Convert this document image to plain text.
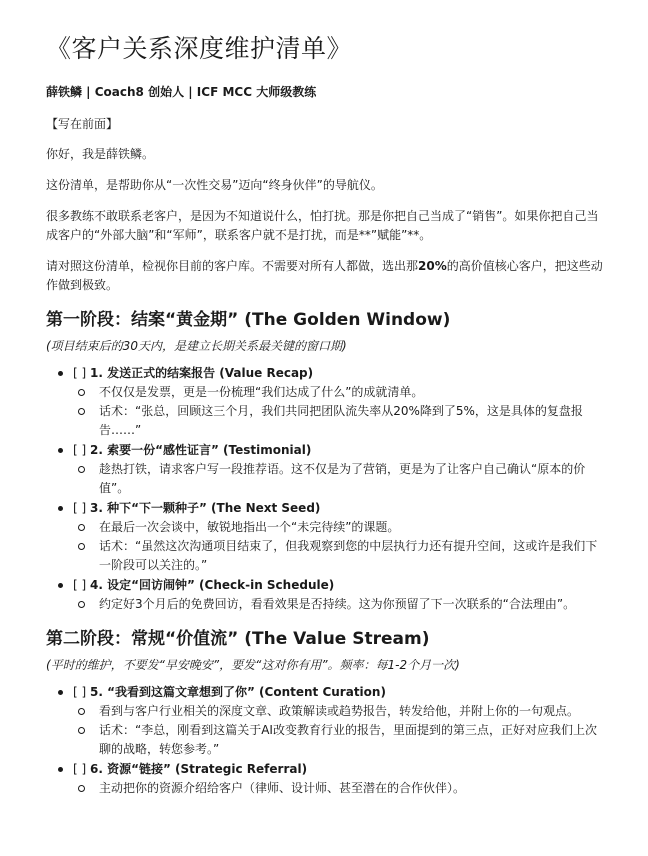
《客户关系深度维护清单》
薛铁鳞 | Coach8 创始人 | ICF MCC 大师级教练

【写在前面】

你好，我是薛铁鳞。

这份清单，是帮助你从“一次性交易”迈向“终身伙伴”的导航仪。

很多教练不敢联系老客户，是因为不知道说什么，怕打扰。那是你把自己当成了“销售”。如果你把自己当成客户的“外部大脑”和“军师”，联系客户就不是打扰，而是**”赋能”**。

请对照这份清单，检视你目前的客户库。不需要对所有人都做，选出那20%的高价值核心客户，把这些动作做到极致。

第一阶段：结案“黄金期” (The Golden Window)
(项目结束后的30天内，是建立长期关系最关键的窗口期)
[ ] 1. 发送正式的结案报告 (Value Recap)
不仅仅是发票，更是一份梳理“我们达成了什么”的成就清单。
话术：“张总，回顾这三个月，我们共同把团队流失率从20%降到了5%，这是具体的复盘报告……”
[ ] 2. 索要一份“感性证言” (Testimonial)
趁热打铁，请求客户写一段推荐语。这不仅是为了营销，更是为了让客户自己确认“原本的价值”。
[ ] 3. 种下“下一颗种子” (The Next Seed)
在最后一次会谈中，敏锐地指出一个“未完待续”的课题。
话术：“虽然这次沟通项目结束了，但我观察到您的中层执行力还有提升空间，这或许是我们下一阶段可以关注的。”
[ ] 4. 设定“回访闹钟” (Check-in Schedule)
约定好3个月后的免费回访，看看效果是否持续。这为你预留了下一次联系的“合法理由”。
第二阶段：常规“价值流” (The Value Stream)
(平时的维护，不要发“早安晚安”，要发“这对你有用”。频率：每1-2个月一次)
[ ] 5. “我看到这篇文章想到了你” (Content Curation)
看到与客户行业相关的深度文章、政策解读或趋势报告，转发给他，并附上你的一句观点。
话术：“李总，刚看到这篇关于AI改变教育行业的报告，里面提到的第三点，正好对应我们上次聊的战略，转您参考。”
[ ] 6. 资源“链接” (Strategic Referral)
主动把你的资源介绍给客户（律师、设计师、甚至潜在的合作伙伴）。
